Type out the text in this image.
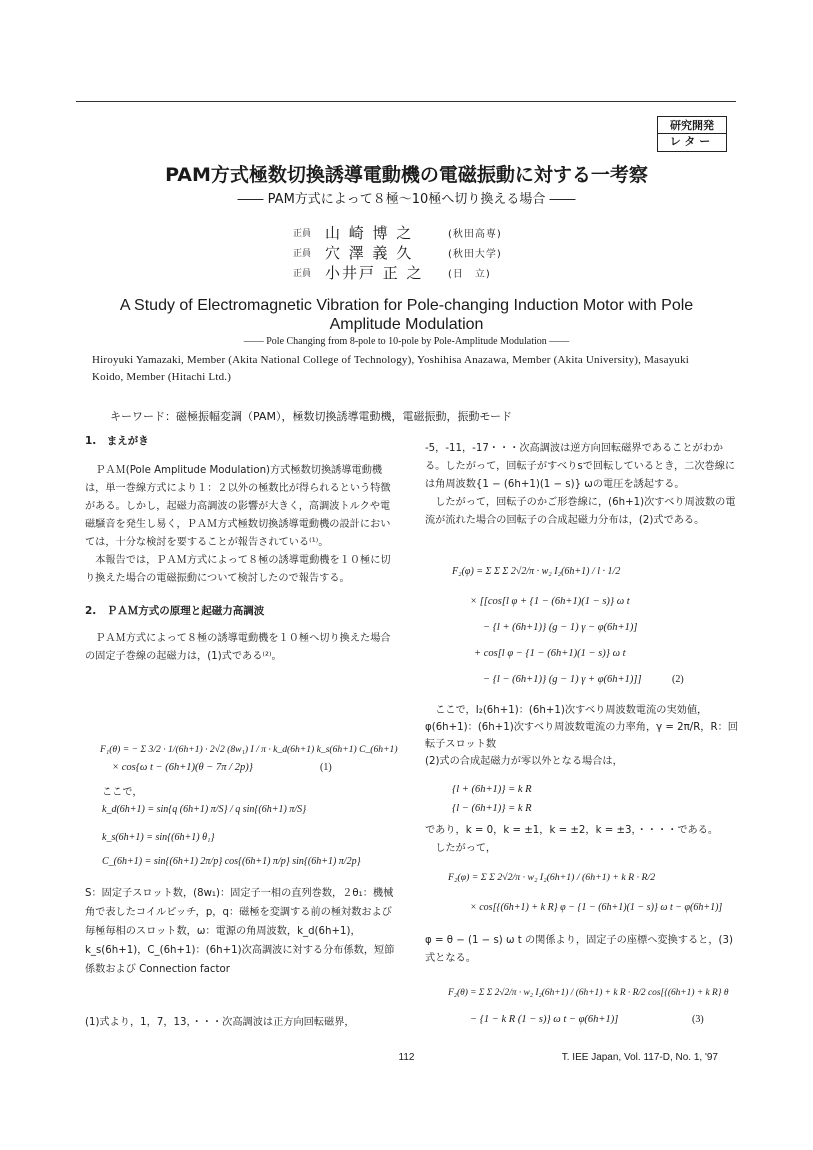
研究開発
レター
PAM方式極数切換誘導電動機の電磁振動に対する一考察
―― PAM方式によって８極〜10極へ切り換える場合 ――
正員 山 崎 博 之	(秋田高専)
正員 穴 澤 義 久	(秋田大学)
正員 小井戸 正 之	(日　立)
A Study of Electromagnetic Vibration for Pole-changing Induction Motor with Pole Amplitude Modulation
—— Pole Changing from 8-pole to 10-pole by Pole-Amplitude Modulation ——
Hiroyuki Yamazaki, Member (Akita National College of Technology), Yoshihisa Anazawa, Member (Akita University), Masayuki Koido, Member (Hitachi Ltd.)
キーワード：磁極振幅変調（PAM），極数切換誘導電動機，電磁振動，振動モード
1.　まえがき

ＰＡＭ(Pole Amplitude Modulation)方式極数切換誘導電動機は，単一巻線方式により１：２以外の極数比が得られるという特徴がある。しかし，起磁力高調波の影響が大きく，高調波トルクや電磁騒音を発生し易く，ＰＡＭ方式極数切換誘導電動機の設計においては，十分な検討を要することが報告されている⁽¹⁾。

本報告では，ＰＡＭ方式によって８極の誘導電動機を１０極に切り換えた場合の電磁振動について検討したので報告する。

2.　ＰＡＭ方式の原理と起磁力高調波

ＰＡＭ方式によって８極の誘導電動機を１０極へ切り換えた場合の固定子巻線の起磁力は，(1)式である⁽²⁾。

F₁(θ) = − Σ 3/2 · 1/(6h+1) · 2√2 (8w₁) I / π · k_d(6h+1) k_s(6h+1) C_(6h+1)
× cos{ω t − (6h+1)(θ − 7π / 2p)}	(1)
ここで，
k_d(6h+1) = sin{q (6h+1) π/S} / q sin{(6h+1) π/S}
k_s(6h+1) = sin{(6h+1) θ₁}
C_(6h+1) = sin{(6h+1) 2π/p} cos{(6h+1) π/p} sin{(6h+1) π/2p}
S：固定子スロット数，(8w₁)：固定子一相の直列巻数，２θ₁：機械角で表したコイルピッチ，p，q：磁極を変調する前の極対数および毎極毎相のスロット数，ω：電源の角周波数，k_d(6h+1)，k_s(6h+1)，C_(6h+1)：(6h+1)次高調波に対する分布係数，短節係数および Connection factor
(1)式より，1，7，13，・・・次高調波は正方向回転磁界，

-5，-11，-17・・・次高調波は逆方向回転磁界であることがわかる。したがって，回転子がすべりsで回転しているとき，二次巻線には角周波数{1 − (6h+1)(1 − s)} ωの電圧を誘起する。

したがって，回転子のかご形巻線に，(6h+1)次すべり周波数の電流が流れた場合の回転子の合成起磁力分布は，(2)式である。

F₂(φ) = Σ Σ Σ 2√2/π · w₂ I₂(6h+1) / l · 1/2
× [[cos[l φ + {1 − (6h+1)(1 − s)} ω t
− {l + (6h+1)} (g − 1) γ − φ(6h+1)]
+ cos[l φ − {1 − (6h+1)(1 − s)} ω t
− {l − (6h+1)} (g − 1) γ + φ(6h+1)]]	(2)

ここで，I₂(6h+1)：(6h+1)次すべり周波数電流の実効値，φ(6h+1)：(6h+1)次すべり周波数電流の力率角，γ = 2π/R，R：回転子スロット数

(2)式の合成起磁力が零以外となる場合は，

{l + (6h+1)} = k R
{l − (6h+1)} = k R

であり，k = 0，k = ±1，k = ±2，k = ±3，・・・・である。

したがって，

F₂(φ) = Σ Σ 2√2/π · w₂ I₂(6h+1) / (6h+1) + k R · R/2
× cos[{(6h+1) + k R} φ − {1 − (6h+1)(1 − s)} ω t − φ(6h+1)]
φ = θ − (1 − s) ω t の関係より，固定子の座標へ変換すると，(3)式となる。
F₂(θ) = Σ Σ 2√2/π · w₂ I₂(6h+1) / (6h+1) + k R · R/2 cos[{(6h+1) + k R} θ
− {1 − k R (1 − s)} ω t − φ(6h+1)]	(3)
112	T. IEE Japan, Vol. 117-D, No. 1, '97
